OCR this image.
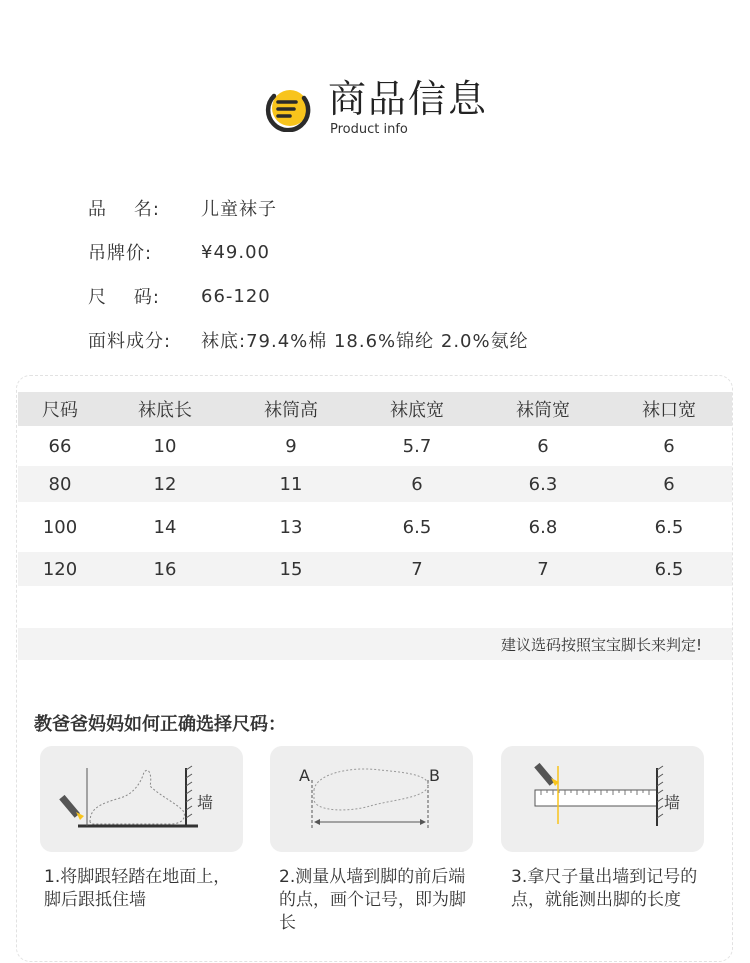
商品信息
Product info
品    名:	儿童袜子
吊牌价:	¥49.00
尺    码:	66-120
面料成分:	袜底:79.4%棉 18.6%锦纶 2.0%氨纶
尺码	袜底长	袜筒高	袜底宽	袜筒宽	袜口宽
66	10	9	5.7	6	6
80	12	11	6	6.3	6
100	14	13	6.5	6.8	6.5
120	16	15	7	7	6.5
建议选码按照宝宝脚长来判定!
教爸爸妈妈如何正确选择尺码：
墙
A	B
墙
1.将脚跟轻踏在地面上，脚后跟抵住墙
2.测量从墙到脚的前后端的点，画个记号，即为脚长
3.拿尺子量出墙到记号的点，就能测出脚的长度
